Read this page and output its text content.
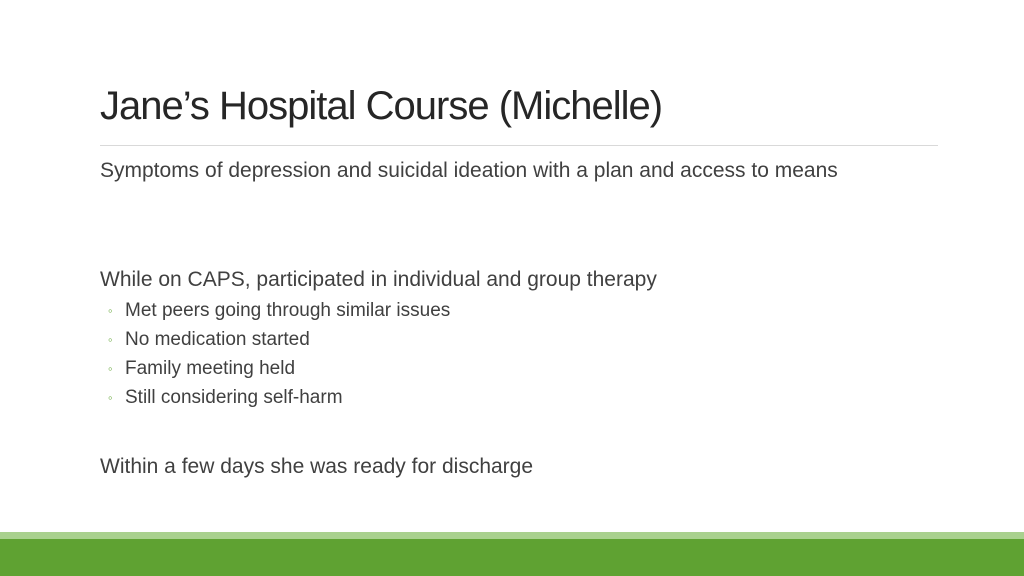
Jane’s Hospital Course (Michelle)
Symptoms of depression and suicidal ideation with a plan and access to means
While on CAPS, participated in individual and group therapy
◦ Met peers going through similar issues
◦ No medication started
◦ Family meeting held
◦ Still considering self-harm
Within a few days she was ready for discharge
